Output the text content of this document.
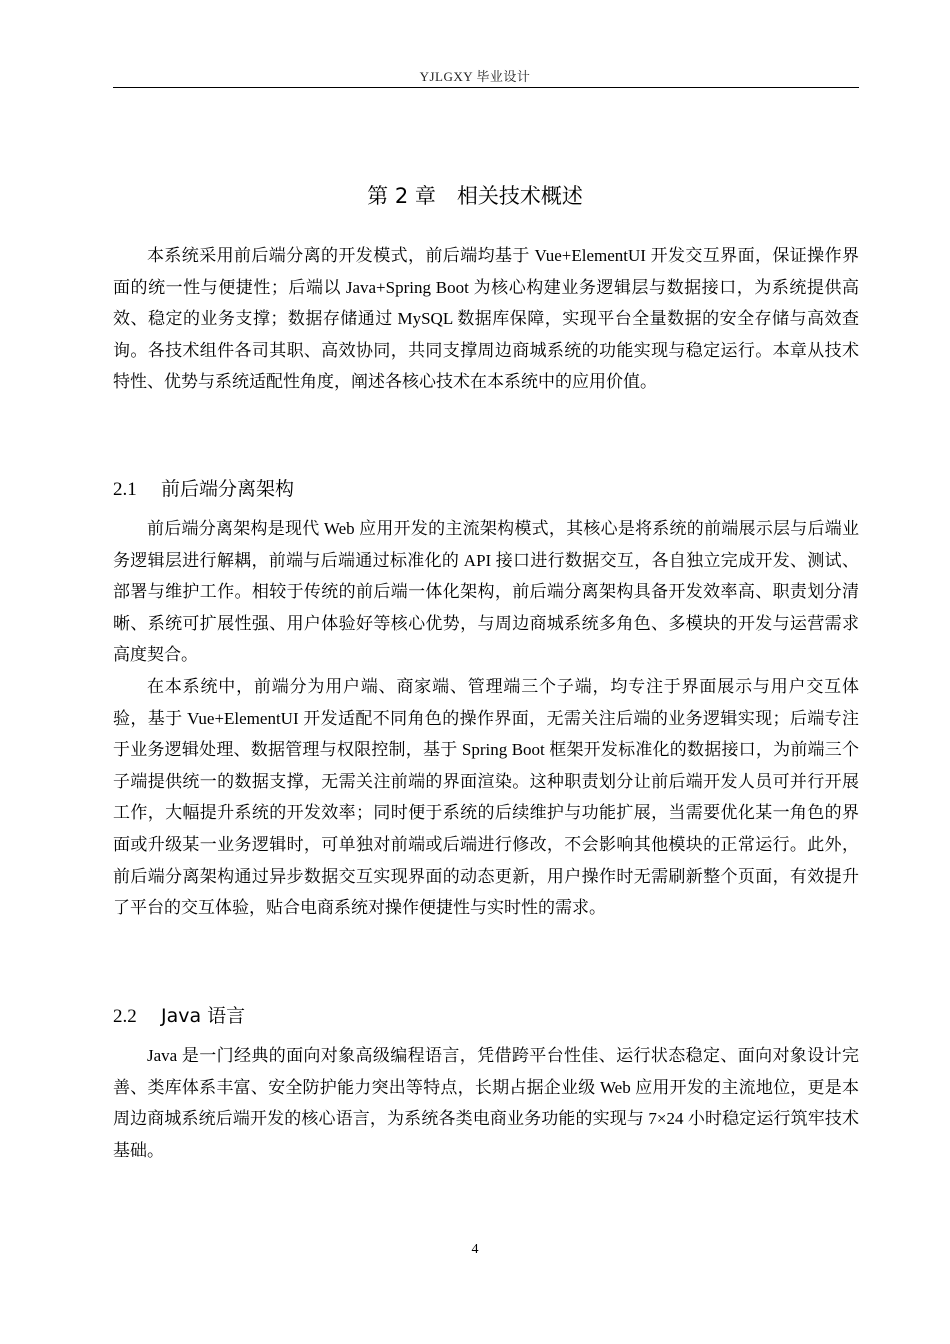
YJLGXY 毕业设计
第 2 章　相关技术概述

本系统采用前后端分离的开发模式，前后端均基于 Vue+ElementUI 开发交互界面，保证操作界面的统一性与便捷性；后端以 Java+Spring Boot 为核心构建业务逻辑层与数据接口，为系统提供高效、稳定的业务支撑；数据存储通过 MySQL 数据库保障，实现平台全量数据的安全存储与高效查询。各技术组件各司其职、高效协同，共同支撑周边商城系统的功能实现与稳定运行。本章从技术特性、优势与系统适配性角度，阐述各核心技术在本系统中的应用价值。

2.1 前后端分离架构

前后端分离架构是现代 Web 应用开发的主流架构模式，其核心是将系统的前端展示层与后端业务逻辑层进行解耦，前端与后端通过标准化的 API 接口进行数据交互，各自独立完成开发、测试、部署与维护工作。相较于传统的前后端一体化架构，前后端分离架构具备开发效率高、职责划分清晰、系统可扩展性强、用户体验好等核心优势，与周边商城系统多角色、多模块的开发与运营需求高度契合。

在本系统中，前端分为用户端、商家端、管理端三个子端，均专注于界面展示与用户交互体验，基于 Vue+ElementUI 开发适配不同角色的操作界面，无需关注后端的业务逻辑实现；后端专注于业务逻辑处理、数据管理与权限控制，基于 Spring Boot 框架开发标准化的数据接口，为前端三个子端提供统一的数据支撑，无需关注前端的界面渲染。这种职责划分让前后端开发人员可并行开展工作，大幅提升系统的开发效率；同时便于系统的后续维护与功能扩展，当需要优化某一角色的界面或升级某一业务逻辑时，可单独对前端或后端进行修改，不会影响其他模块的正常运行。此外，前后端分离架构通过异步数据交互实现界面的动态更新，用户操作时无需刷新整个页面，有效提升了平台的交互体验，贴合电商系统对操作便捷性与实时性的需求。

2.2 Java 语言

Java 是一门经典的面向对象高级编程语言，凭借跨平台性佳、运行状态稳定、面向对象设计完善、类库体系丰富、安全防护能力突出等特点，长期占据企业级 Web 应用开发的主流地位，更是本周边商城系统后端开发的核心语言，为系统各类电商业务功能的实现与 7×24 小时稳定运行筑牢技术基础。

4
